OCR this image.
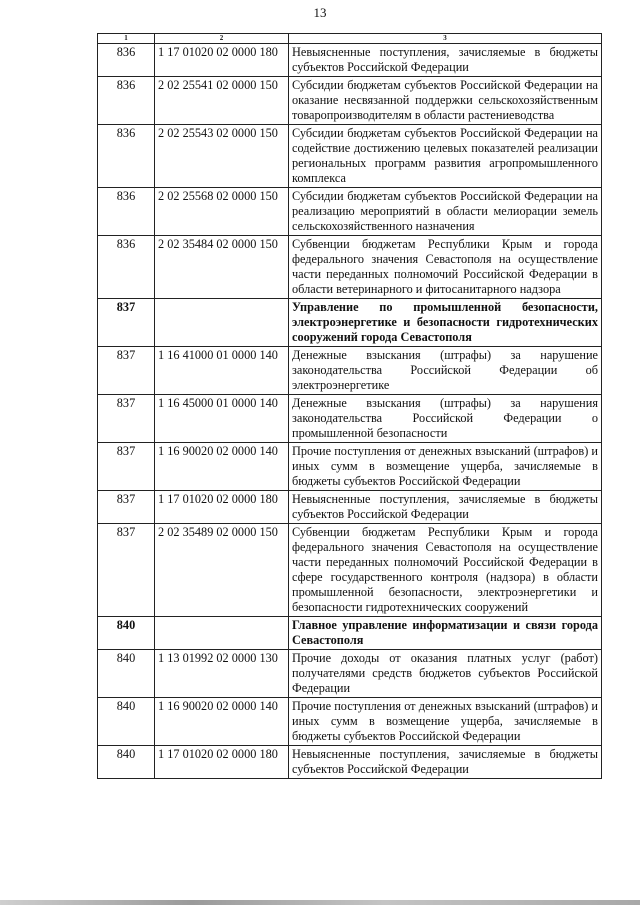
13
1	2	3
836	1 17 01020 02 0000 180	Невыясненные поступления, зачисляемые в бюджеты субъектов Российской Федерации
836	2 02 25541 02 0000 150	Субсидии бюджетам субъектов Российской Федерации на оказание несвязанной поддержки сельскохозяйственным товаропроизводителям в области растениеводства
836	2 02 25543 02 0000 150	Субсидии бюджетам субъектов Российской Федерации на содействие достижению целевых показателей реализации региональных программ развития агропромышленного комплекса
836	2 02 25568 02 0000 150	Субсидии бюджетам субъектов Российской Федерации на реализацию мероприятий в области мелиорации земель сельскохозяйственного назначения
836	2 02 35484 02 0000 150	Субвенции бюджетам Республики Крым и города федерального значения Севастополя на осуществление части переданных полномочий Российской Федерации в области ветеринарного и фитосанитарного надзора
837		Управление по промышленной безопасности, электроэнергетике и безопасности гидротехнических сооружений города Севастополя
837	1 16 41000 01 0000 140	Денежные взыскания (штрафы) за нарушение законодательства Российской Федерации об электроэнергетике
837	1 16 45000 01 0000 140	Денежные взыскания (штрафы) за нарушения законодательства Российской Федерации о промышленной безопасности
837	1 16 90020 02 0000 140	Прочие поступления от денежных взысканий (штрафов) и иных сумм в возмещение ущерба, зачисляемые в бюджеты субъектов Российской Федерации
837	1 17 01020 02 0000 180	Невыясненные поступления, зачисляемые в бюджеты субъектов Российской Федерации
837	2 02 35489 02 0000 150	Субвенции бюджетам Республики Крым и города федерального значения Севастополя на осуществление части переданных полномочий Российской Федерации в сфере государственного контроля (надзора) в области промышленной безопасности, электроэнергетики и безопасности гидротехнических сооружений
840		Главное управление информатизации и связи города Севастополя
840	1 13 01992 02 0000 130	Прочие доходы от оказания платных услуг (работ) получателями средств бюджетов субъектов Российской Федерации
840	1 16 90020 02 0000 140	Прочие поступления от денежных взысканий (штрафов) и иных сумм в возмещение ущерба, зачисляемые в бюджеты субъектов Российской Федерации
840	1 17 01020 02 0000 180	Невыясненные поступления, зачисляемые в бюджеты субъектов Российской Федерации
